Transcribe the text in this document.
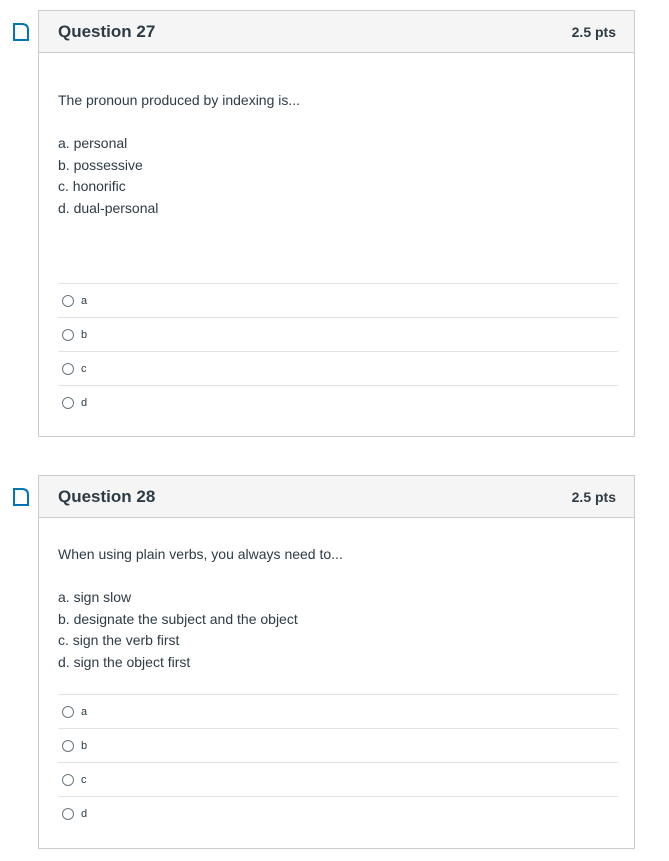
Question 27	2.5 pts

The pronoun produced by indexing is...

a. personal
b. possessive
c. honorific
d. dual-personal
a
b
c
d
Question 28	2.5 pts

When using plain verbs, you always need to...

a. sign slow
b. designate the subject and the object
c. sign the verb first
d. sign the object first
a
b
c
d
